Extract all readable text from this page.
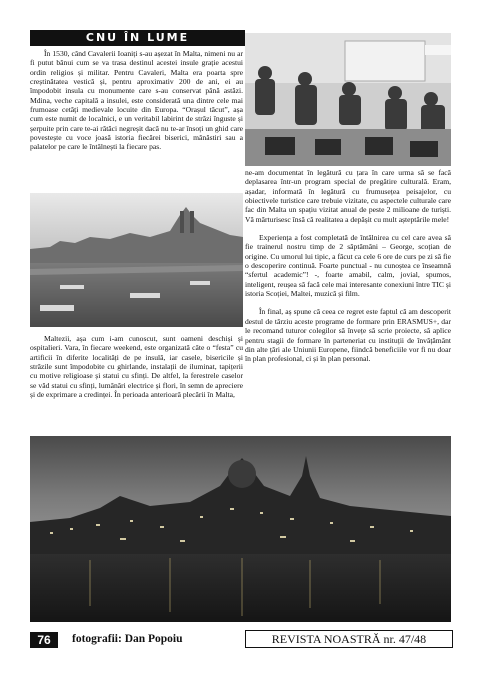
CNU ÎN LUME

În 1530, când Cavalerii Ioaniți s-au așezat în Malta, nimeni nu ar fi putut bănui cum se va trasa destinul acestei insule grație acestui ordin religios și militar. Pentru Cavaleri, Malta era poarta spre creștinătatea vestică și, pentru aproximativ 200 de ani, ei au împodobit insula cu monumente care s-au conservat până astăzi. Mdina, veche capitală a insulei, este considerată una dintre cele mai frumoase cetăți medievale locuite din Europa. “Orașul tăcut”, așa cum este numit de localnici, e un veritabil labirint de străzi înguste și șerpuite prin care te-ai rătăci negreșit dacă nu te-ar însoți un ghid care povestește cu voce joasă istoria fiecărei biserici, mânăstiri sau a palatelor pe care le întâlnești la fiecare pas.

Maltezii, așa cum i-am cunoscut, sunt oameni deschiși și ospitalieri. Vara, în fiecare weekend, este organizată câte o “festa” cu artificii în diferite localități de pe insulă, iar casele, bisericile și străzile sunt împodobite cu ghirlande, instalații de iluminat, tapițerii cu motive religioase și statui cu sfinți. De altfel, la ferestrele caselor se văd statui cu sfinți, lumânări electrice și flori, în semn de apreciere și de exprimare a credinței. În perioada anterioară plecării în Malta,

ne-am documentat în legătură cu țara în care urma să se facă deplasarea într-un program special de pregătire culturală. Eram, așadar, informată în legătură cu frumusețea peisajelor, cu obiectivele turistice care trebuie vizitate, cu aspectele culturale care fac din Malta un spațiu vizitat anual de peste 2 milioane de turiști. Vă mărturisesc însă că realitatea a depășit cu mult așteptările mele!

Experiența a fost completată de întâlnirea cu cel care avea să fie trainerul nostru timp de 2 săptămâni – George, scoțian de origine. Cu umorul lui tipic, a făcut ca cele 6 ore de curs pe zi să fie o descoperire continuă. Foarte punctual - nu cunoștea ce înseamnă “sfertul academic”! -, foarte amabil, calm, jovial, spumos, inteligent, reușea să facă cele mai interesante conexiuni între TIC și istoria Scoției, Maltei, muzică și film.

În final, aș spune că ceea ce regret este faptul că am descoperit destul de târziu aceste programe de formare prin ERASMUS+, dar le recomand tuturor colegilor să învețe să scrie proiecte, să aplice pentru stagii de formare în parteneriat cu instituții de învățământ din alte țări ale Uniunii Europene, fiindcă beneficiile vor fi nu doar în plan profesional, ci și în plan personal.

76	fotografii: Dan Popoiu	REVISTA NOASTRĂ nr. 47/48
